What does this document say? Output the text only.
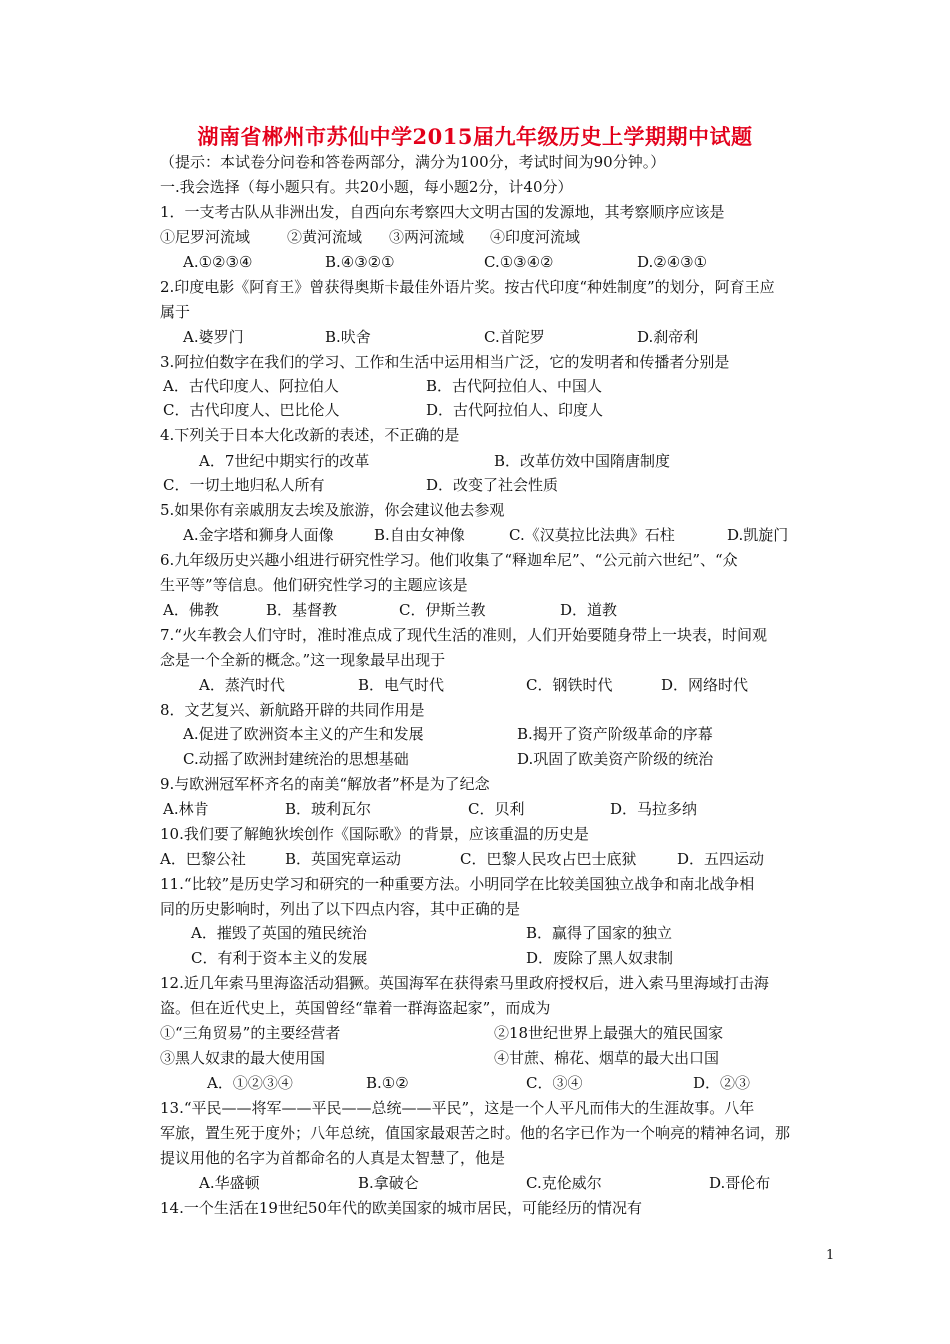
湖南省郴州市苏仙中学2015届九年级历史上学期期中试题
（提示：本试卷分问卷和答卷两部分，满分为100分，考试时间为90分钟。）
一.我会选择（每小题只有。共20小题，每小题2分，计40分）
1．一支考古队从非洲出发，自西向东考察四大文明古国的发源地，其考察顺序应该是
①尼罗河流域 ②黄河流域 ③两河流域 ④印度河流域
A.①②③④	B.④③②①	C.①③④②	D.②④③①
2.印度电影《阿育王》曾获得奥斯卡最佳外语片奖。按古代印度“种姓制度”的划分，阿育王应
属于
A.婆罗门	B.吠舍	C.首陀罗	D.刹帝利
3.阿拉伯数字在我们的学习、工作和生活中运用相当广泛，它的发明者和传播者分别是
A．古代印度人、阿拉伯人	B．古代阿拉伯人、中国人
C．古代印度人、巴比伦人	D．古代阿拉伯人、印度人
4.下列关于日本大化改新的表述，不正确的是
A．7世纪中期实行的改革	B．改革仿效中国隋唐制度
C．一切土地归私人所有	D．改变了社会性质
5.如果你有亲戚朋友去埃及旅游，你会建议他去参观
A.金字塔和狮身人面像	B.自由女神像	C.《汉莫拉比法典》石柱	D.凯旋门
6.九年级历史兴趣小组进行研究性学习。他们收集了“释迦牟尼”、“公元前六世纪”、“众
生平等”等信息。他们研究性学习的主题应该是
A．佛教	B．基督教	C．伊斯兰教	D．道教
7.“火车教会人们守时，准时准点成了现代生活的准则，人们开始要随身带上一块表，时间观
念是一个全新的概念。”这一现象最早出现于
A．蒸汽时代	B．电气时代	C．钢铁时代	D．网络时代
8．文艺复兴、新航路开辟的共同作用是
A.促进了欧洲资本主义的产生和发展	B.揭开了资产阶级革命的序幕
C.动摇了欧洲封建统治的思想基础	D.巩固了欧美资产阶级的统治
9.与欧洲冠军杯齐名的南美“解放者”杯是为了纪念
A.林肯	B．玻利瓦尔	C．贝利	D．马拉多纳
10.我们要了解鲍狄埃创作《国际歌》的背景，应该重温的历史是
A．巴黎公社	B．英国宪章运动	C．巴黎人民攻占巴士底狱	D．五四运动
11.“比较”是历史学习和研究的一种重要方法。小明同学在比较美国独立战争和南北战争相
同的历史影响时，列出了以下四点内容，其中正确的是
A．摧毁了英国的殖民统治	B．赢得了国家的独立
C．有利于资本主义的发展	D．废除了黑人奴隶制
12.近几年索马里海盗活动猖獗。英国海军在获得索马里政府授权后，进入索马里海域打击海
盗。但在近代史上，英国曾经“靠着一群海盗起家”，而成为
①“三角贸易”的主要经营者	②18世纪世界上最强大的殖民国家
③黑人奴隶的最大使用国	④甘蔗、棉花、烟草的最大出口国
A．①②③④	B.①②	C．③④	D．②③
13.“平民——将军——平民——总统——平民”，这是一个人平凡而伟大的生涯故事。八年
军旅，置生死于度外；八年总统，值国家最艰苦之时。他的名字已作为一个响亮的精神名词，那
提议用他的名字为首都命名的人真是太智慧了，他是
A.华盛顿	B.拿破仑	C.克伦威尔	D.哥伦布
14.一个生活在19世纪50年代的欧美国家的城市居民，可能经历的情况有
1
